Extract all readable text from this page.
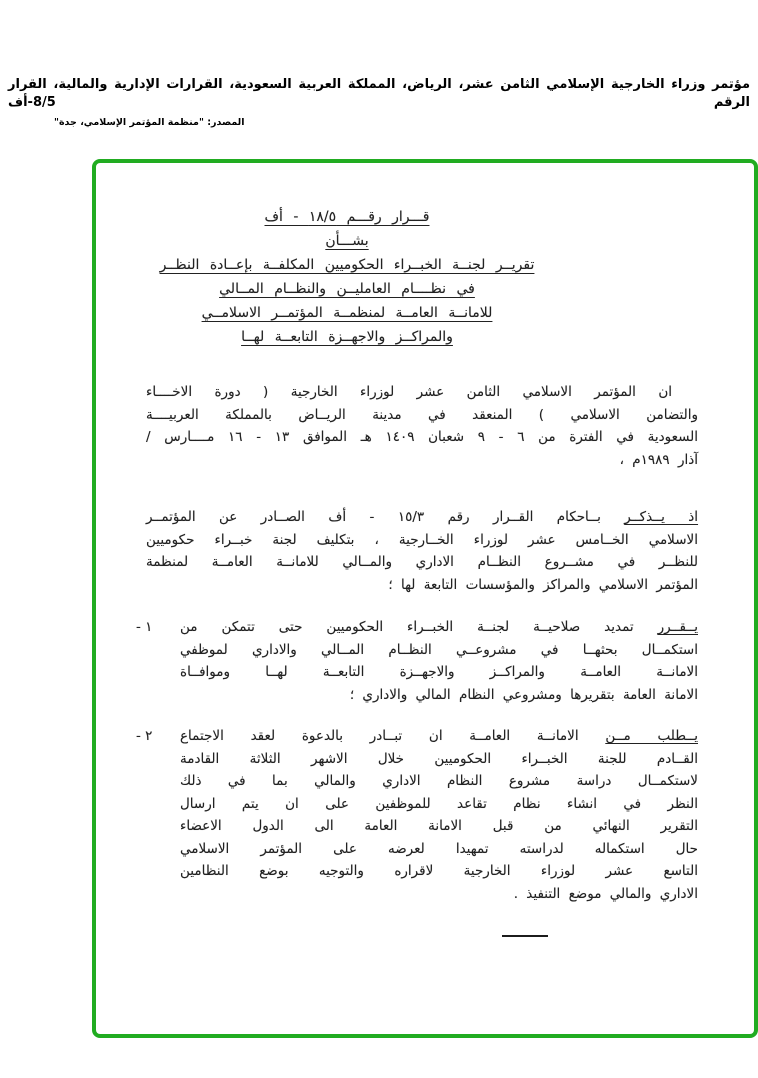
مؤتمر وزراء الخارجية الإسلامي الثامن عشر، الرياض، المملكة العربية السعودية، القرارات الإدارية والمالية، القرار الرقم 8/5-أف
المصدر: "منظمة المؤتمر الإسلامي، جدة"
قـــرار رقـــم ١٨/٥ - أف
بشـــأن
تقريــر لجنــة الخبــراء الحكوميين المكلفــة بإعــادة النظــر
في نظــــام العامليــن والنظــام المــالي
للامانــة العامــة لمنظمــة المؤتمــر الاسلامــي
والمراكــز والاجهــزة التابعــة لهــا
ان المؤتمر الاسلامي الثامن عشر لوزراء الخارجية ( دورة الاخــــاء
والتضامن الاسلامي ) المنعقد في مدينة الريــاض بالمملكة العربيــــة
السعودية في الفترة من ٦ - ٩ شعبان ١٤٠٩ هـ الموافق ١٣ - ١٦ مــــارس /
آذار ١٩٨٩م ،
اذ يــذكــر بــاحكام القــرار رقم ١٥/٣ - أف الصــادر عن المؤتمــر
الاسلامي الخــامس عشر لوزراء الخــارجية ، بتكليف لجنة خبــراء حكوميين
للنظــر في مشــروع النظــام الاداري والمــالي للامانــة العامــة لمنظمة
المؤتمر الاسلامي والمراكز والمؤسسات التابعة لها ؛
١ -	يــقــرر تمديد صلاحيــة لجنــة الخبــراء الحكوميين حتى تتمكن من
استكمــال بحثهــا في مشروعــي النظــام المــالي والاداري لموظفي
الامانــة العامــة والمراكــز والاجهــزة التابعــة لهــا وموافــاة
الامانة العامة بتقريرها ومشروعي النظام المالي والاداري ؛
٢ -	يــطلب مــن الامانــة العامــة ان تبــادر بالدعوة لعقد الاجتماع
القــادم للجنة الخبــراء الحكوميين خلال الاشهر الثلاثة القادمة
لاستكمــال دراسة مشروع النظام الاداري والمالي بما في ذلك
النظر في انشاء نظام تقاعد للموظفين على ان يتم ارسال
التقرير النهائي من قبل الامانة العامة الى الدول الاعضاء
حال استكماله لدراسته تمهيدا لعرضه على المؤتمر الاسلامي
التاسع عشر لوزراء الخارجية لاقراره والتوجيه بوضع النظامين
الاداري والمالي موضع التنفيذ .
